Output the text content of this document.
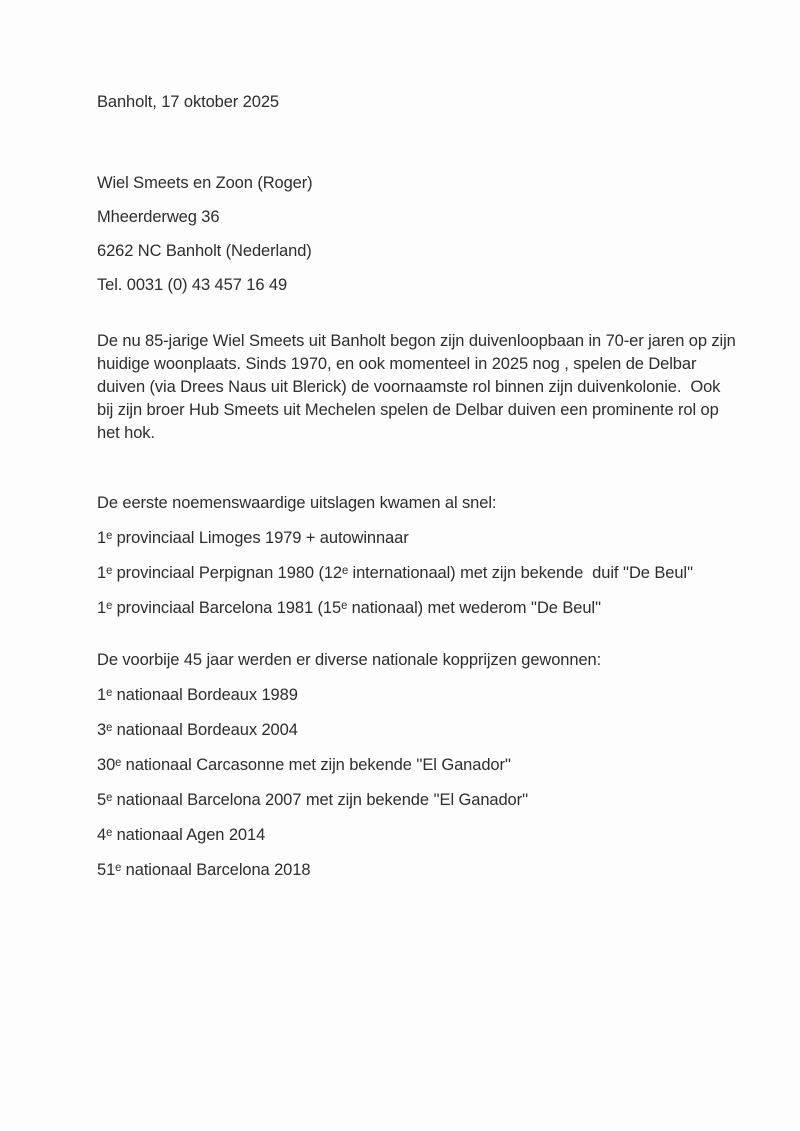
Banholt, 17 oktober 2025
Wiel Smeets en Zoon (Roger)
Mheerderweg 36
6262 NC Banholt (Nederland)
Tel. 0031 (0) 43 457 16 49
De nu 85-jarige Wiel Smeets uit Banholt begon zijn duivenloopbaan in 70-er jaren op zijn
huidige woonplaats. Sinds 1970, en ook momenteel in 2025 nog , spelen de Delbar
duiven (via Drees Naus uit Blerick) de voornaamste rol binnen zijn duivenkolonie.  Ook
bij zijn broer Hub Smeets uit Mechelen spelen de Delbar duiven een prominente rol op
het hok.
De eerste noemenswaardige uitslagen kwamen al snel:
1ᵉ provinciaal Limoges 1979 + autowinnaar
1ᵉ provinciaal Perpignan 1980 (12ᵉ internationaal) met zijn bekende  duif ''De Beul''
1ᵉ provinciaal Barcelona 1981 (15ᵉ nationaal) met wederom ''De Beul''
De voorbije 45 jaar werden er diverse nationale kopprijzen gewonnen:
1ᵉ nationaal Bordeaux 1989
3ᵉ nationaal Bordeaux 2004
30ᵉ nationaal Carcasonne met zijn bekende ''El Ganador''
5ᵉ nationaal Barcelona 2007 met zijn bekende ''El Ganador''
4ᵉ nationaal Agen 2014
51ᵉ nationaal Barcelona 2018
